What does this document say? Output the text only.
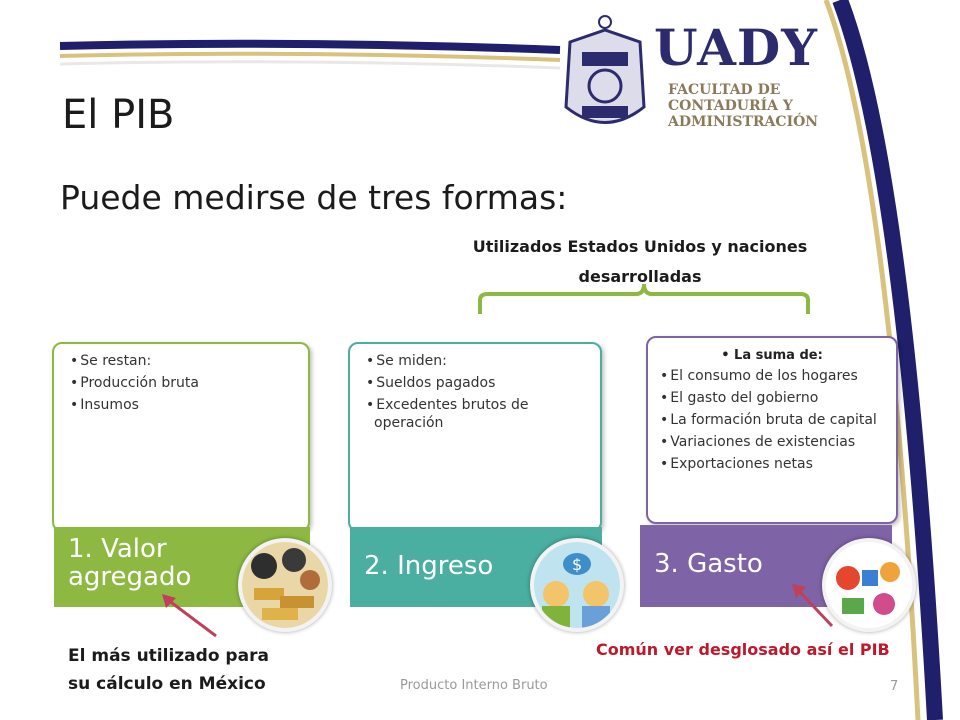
UADY
FACULTAD DE
CONTADURÍA Y
ADMINISTRACIÓN
El PIB
Puede medirse de tres formas:
Utilizados Estados Unidos y naciones
desarrolladas
• Se restan:
• Producción bruta
• Insumos
1. Valor agregado
• Se miden:
• Sueldos pagados
• Excedentes brutos de operación
2. Ingreso	$
• La suma de:
• El consumo de los hogares
• El gasto del gobierno
• La formación bruta de capital
• Variaciones de existencias
• Exportaciones netas
3. Gasto
El más utilizado para
su cálculo en México
Común ver desglosado así el PIB
Producto Interno Bruto	7
